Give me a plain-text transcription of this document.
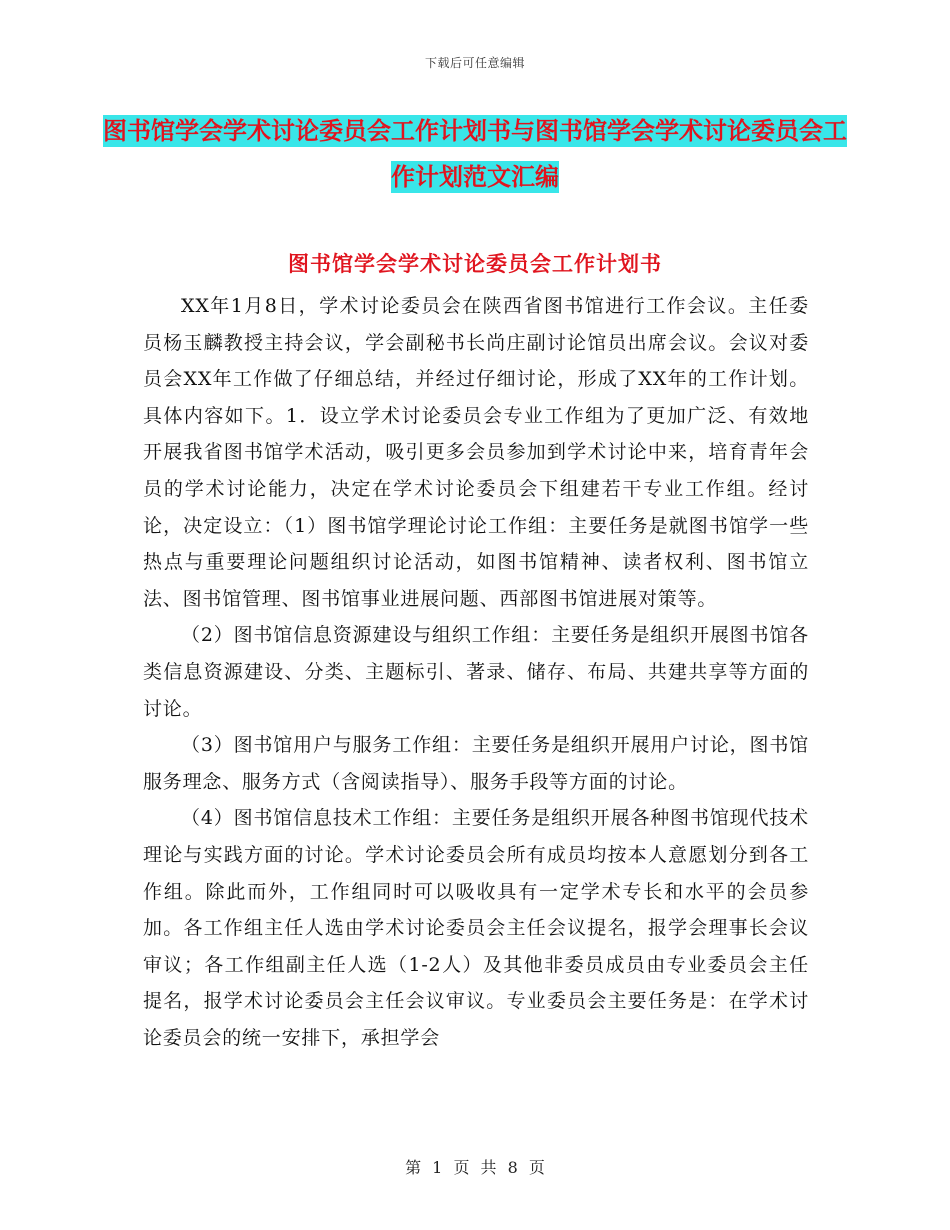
下载后可任意编辑
图书馆学会学术讨论委员会工作计划书与图书馆学会学术讨论委员会工作计划范文汇编
图书馆学会学术讨论委员会工作计划书

XX年1月8日，学术讨论委员会在陕西省图书馆进行工作会议。主任委员杨玉麟教授主持会议，学会副秘书长尚庄副讨论馆员出席会议。会议对委员会XX年工作做了仔细总结，并经过仔细讨论，形成了XX年的工作计划。具体内容如下。1．设立学术讨论委员会专业工作组为了更加广泛、有效地开展我省图书馆学术活动，吸引更多会员参加到学术讨论中来，培育青年会员的学术讨论能力，决定在学术讨论委员会下组建若干专业工作组。经讨论，决定设立：（1）图书馆学理论讨论工作组：主要任务是就图书馆学一些热点与重要理论问题组织讨论活动，如图书馆精神、读者权利、图书馆立法、图书馆管理、图书馆事业进展问题、西部图书馆进展对策等。

（2）图书馆信息资源建设与组织工作组：主要任务是组织开展图书馆各类信息资源建设、分类、主题标引、著录、储存、布局、共建共享等方面的讨论。

（3）图书馆用户与服务工作组：主要任务是组织开展用户讨论，图书馆服务理念、服务方式（含阅读指导）、服务手段等方面的讨论。

（4）图书馆信息技术工作组：主要任务是组织开展各种图书馆现代技术理论与实践方面的讨论。学术讨论委员会所有成员均按本人意愿划分到各工作组。除此而外，工作组同时可以吸收具有一定学术专长和水平的会员参加。各工作组主任人选由学术讨论委员会主任会议提名，报学会理事长会议审议；各工作组副主任人选（1-2人）及其他非委员成员由专业委员会主任提名，报学术讨论委员会主任会议审议。专业委员会主要任务是：在学术讨论委员会的统一安排下，承担学会

第 1 页 共 8 页
